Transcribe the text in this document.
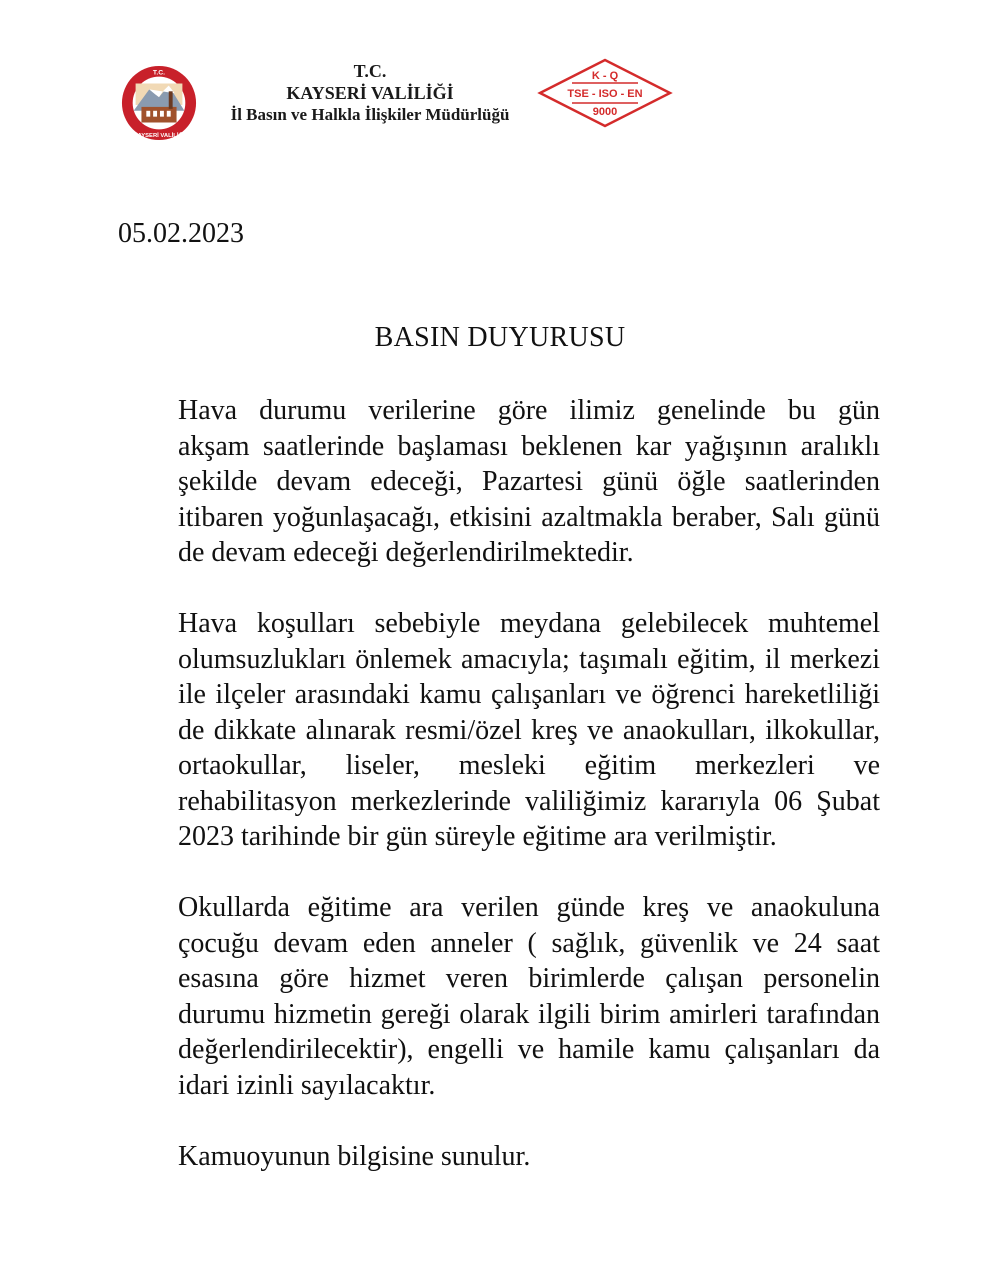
T.C.
KAYSERİ VALİLİĞİ
T.C.
KAYSERİ VALİLİĞİ
İl Basın ve Halkla İlişkiler Müdürlüğü
K - Q
TSE - ISO - EN
9000
05.02.2023
BASIN DUYURUSU
Hava durumu verilerine göre ilimiz genelinde bu gün
akşam saatlerinde başlaması beklenen kar yağışının aralıklı
şekilde devam edeceği, Pazartesi günü öğle saatlerinden
itibaren yoğunlaşacağı, etkisini azaltmakla beraber, Salı günü
de devam edeceği değerlendirilmektedir.
Hava koşulları sebebiyle meydana gelebilecek muhtemel
olumsuzlukları önlemek amacıyla; taşımalı eğitim, il merkezi
ile ilçeler arasındaki kamu çalışanları ve öğrenci hareketliliği
de dikkate alınarak resmi/özel kreş ve anaokulları, ilkokullar,
ortaokullar, liseler, mesleki eğitim merkezleri ve
rehabilitasyon merkezlerinde valiliğimiz kararıyla 06 Şubat
2023 tarihinde bir gün süreyle eğitime ara verilmiştir.
Okullarda eğitime ara verilen günde kreş ve anaokuluna
çocuğu devam eden anneler ( sağlık, güvenlik ve 24 saat
esasına göre hizmet veren birimlerde çalışan personelin
durumu hizmetin gereği olarak ilgili birim amirleri tarafından
değerlendirilecektir), engelli ve hamile kamu çalışanları da
idari izinli sayılacaktır.
Kamuoyunun bilgisine sunulur.
